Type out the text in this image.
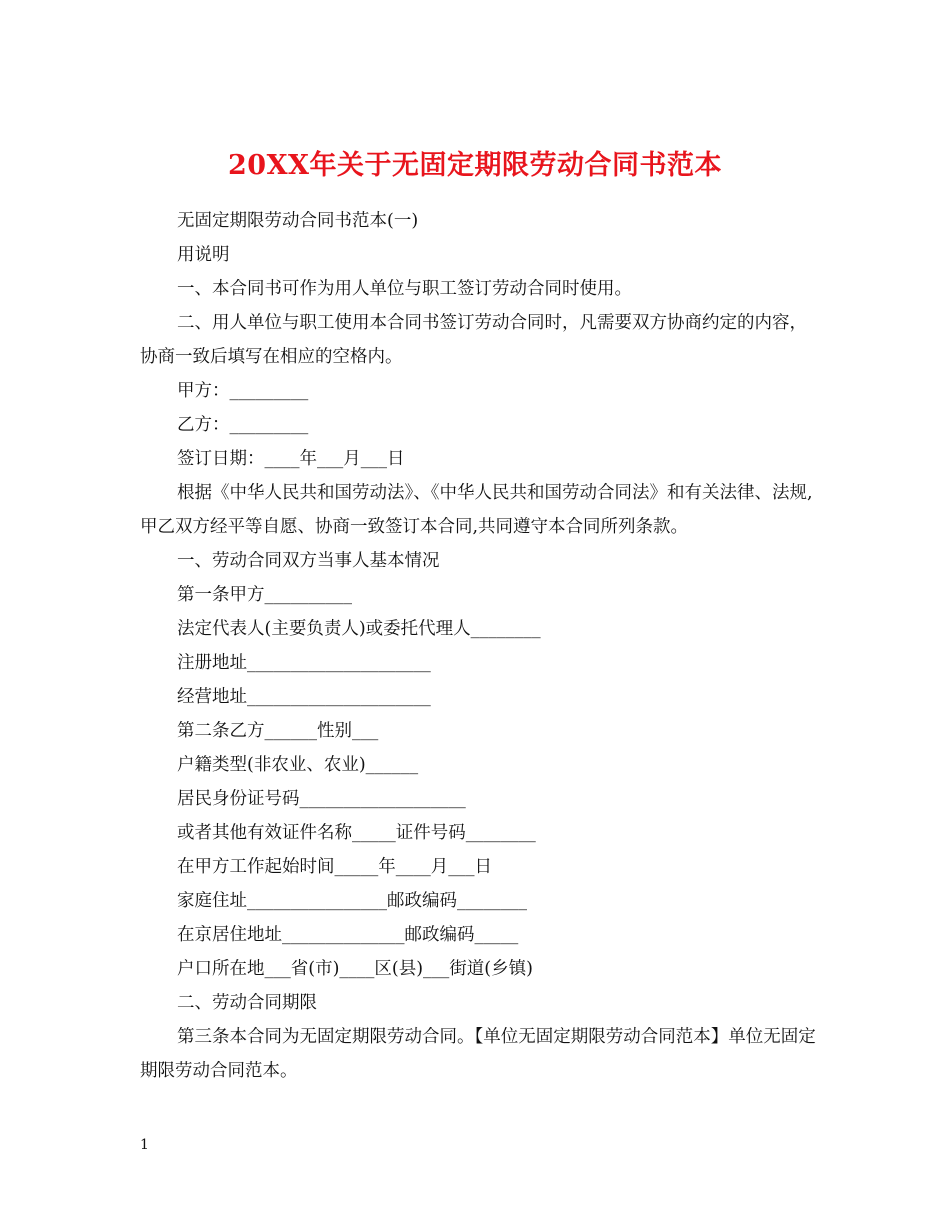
20XX年关于无固定期限劳动合同书范本

无固定期限劳动合同书范本(一)

用说明

一、本合同书可作为用人单位与职工签订劳动合同时使用。

二、用人单位与职工使用本合同书签订劳动合同时，凡需要双方协商约定的内容，协商一致后填写在相应的空格内。

甲方：_________

乙方：_________

签订日期：____年___月___日

根据《中华人民共和国劳动法》、《中华人民共和国劳动合同法》和有关法律、法规,甲乙双方经平等自愿、协商一致签订本合同,共同遵守本合同所列条款。

一、劳动合同双方当事人基本情况

第一条甲方__________

法定代表人(主要负责人)或委托代理人________

注册地址_____________________

经营地址_____________________

第二条乙方______性别___

户籍类型(非农业、农业)______

居民身份证号码___________________

或者其他有效证件名称_____证件号码________

在甲方工作起始时间_____年____月___日

家庭住址________________邮政编码________

在京居住地址______________邮政编码_____

户口所在地___省(市)____区(县)___街道(乡镇)

二、劳动合同期限

第三条本合同为无固定期限劳动合同。【单位无固定期限劳动合同范本】单位无固定期限劳动合同范本。

1
